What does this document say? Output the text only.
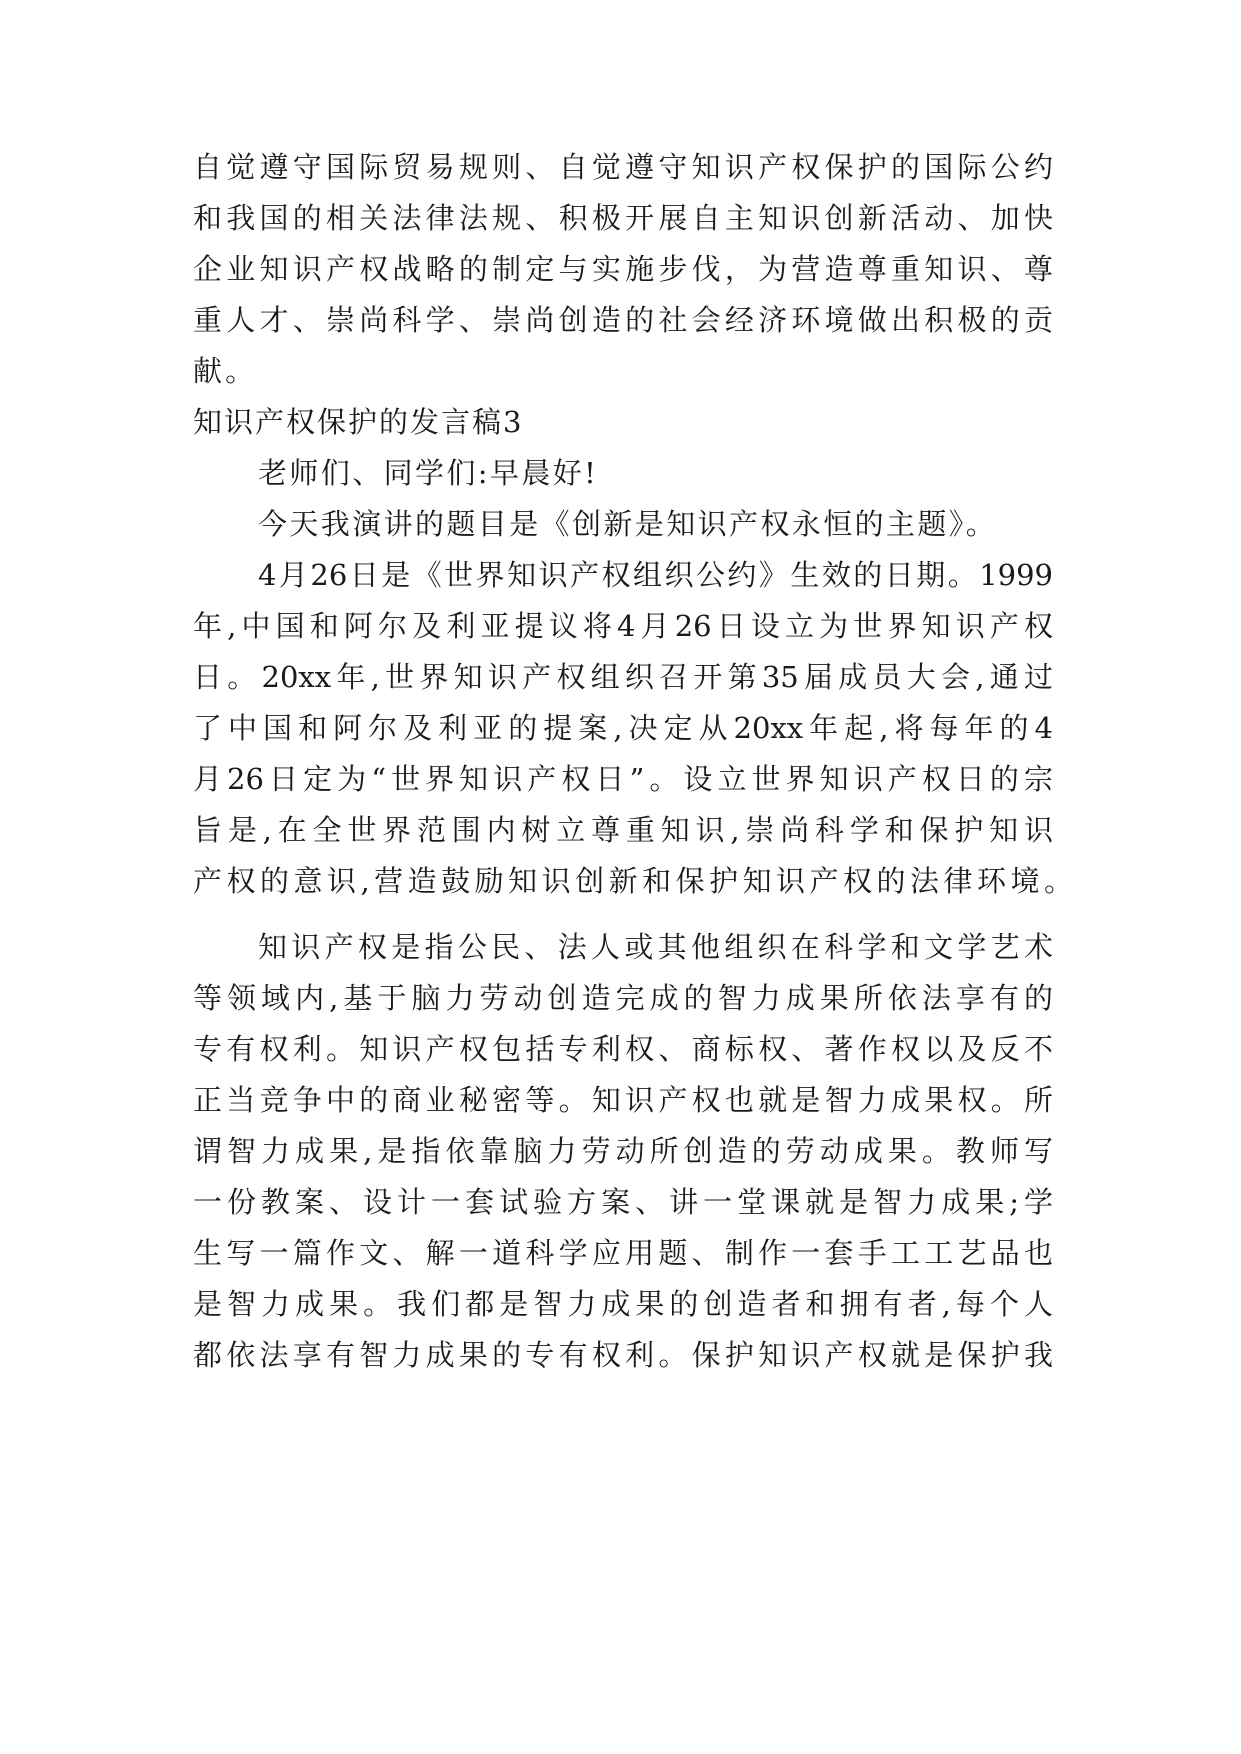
自觉遵守国际贸易规则、自觉遵守知识产权保护的国际公约
和我国的相关法律法规、积极开展自主知识创新活动、加快
企业知识产权战略的制定与实施步伐，为营造尊重知识、尊
重人才、崇尚科学、崇尚创造的社会经济环境做出积极的贡
献。
知识产权保护的发言稿3
老师们、同学们:早晨好!
今天我演讲的题目是《创新是知识产权永恒的主题》。
4月26日是《世界知识产权组织公约》生效的日期。1999
年,中国和阿尔及利亚提议将4月26日设立为世界知识产权
日。20xx年,世界知识产权组织召开第35届成员大会,通过
了中国和阿尔及利亚的提案,决定从20xx年起,将每年的4
月26日定为“世界知识产权日”。设立世界知识产权日的宗
旨是,在全世界范围内树立尊重知识,崇尚科学和保护知识
产权的意识,营造鼓励知识创新和保护知识产权的法律环境。
知识产权是指公民、法人或其他组织在科学和文学艺术
等领域内,基于脑力劳动创造完成的智力成果所依法享有的
专有权利。知识产权包括专利权、商标权、著作权以及反不
正当竞争中的商业秘密等。知识产权也就是智力成果权。所
谓智力成果,是指依靠脑力劳动所创造的劳动成果。教师写
一份教案、设计一套试验方案、讲一堂课就是智力成果;学
生写一篇作文、解一道科学应用题、制作一套手工工艺品也
是智力成果。我们都是智力成果的创造者和拥有者,每个人
都依法享有智力成果的专有权利。保护知识产权就是保护我
